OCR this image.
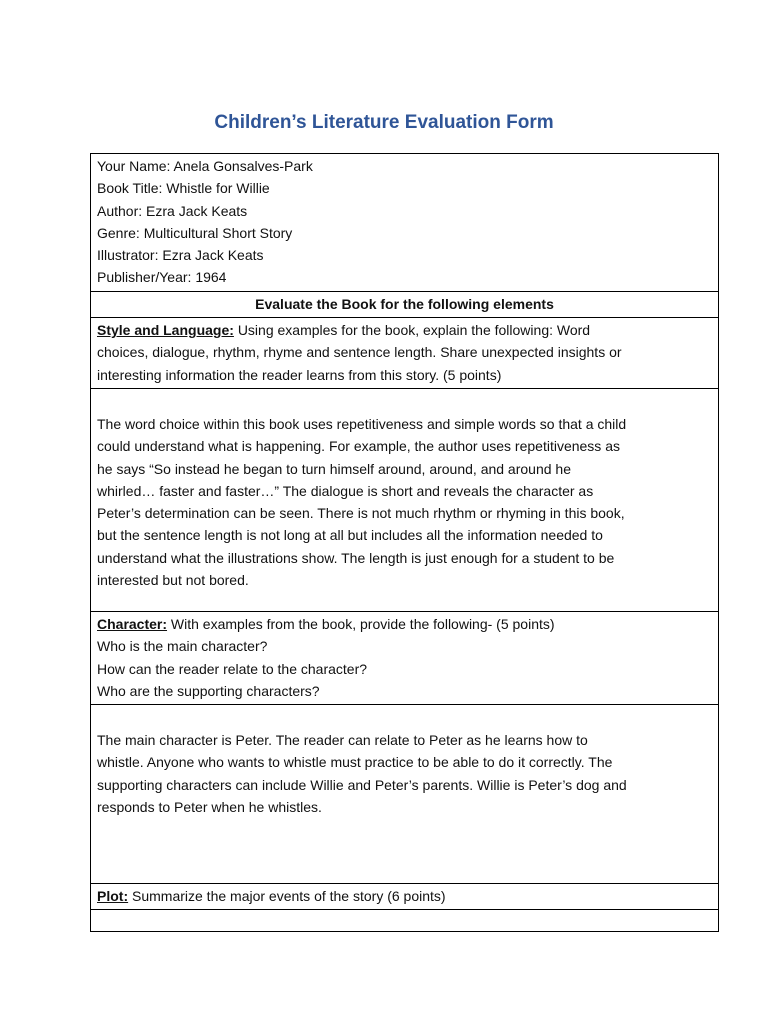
Children’s Literature Evaluation Form
Your Name: Anela Gonsalves-Park
Book Title: Whistle for Willie
Author: Ezra Jack Keats
Genre: Multicultural Short Story
Illustrator: Ezra Jack Keats
Publisher/Year: 1964

Evaluate the Book for the following elements

Style and Language: Using examples for the book, explain the following: Word
choices, dialogue, rhythm, rhyme and sentence length. Share unexpected insights or
interesting information the reader learns from this story. (5 points)

The word choice within this book uses repetitiveness and simple words so that a child
could understand what is happening. For example, the author uses repetitiveness as
he says “So instead he began to turn himself around, around, and around he
whirled… faster and faster…” The dialogue is short and reveals the character as
Peter’s determination can be seen. There is not much rhythm or rhyming in this book,
but the sentence length is not long at all but includes all the information needed to
understand what the illustrations show. The length is just enough for a student to be
interested but not bored.

Character: With examples from the book, provide the following- (5 points)
Who is the main character?
How can the reader relate to the character?
Who are the supporting characters?

The main character is Peter. The reader can relate to Peter as he learns how to
whistle. Anyone who wants to whistle must practice to be able to do it correctly. The
supporting characters can include Willie and Peter’s parents. Willie is Peter’s dog and
responds to Peter when he whistles.

Plot: Summarize the major events of the story (6 points)
